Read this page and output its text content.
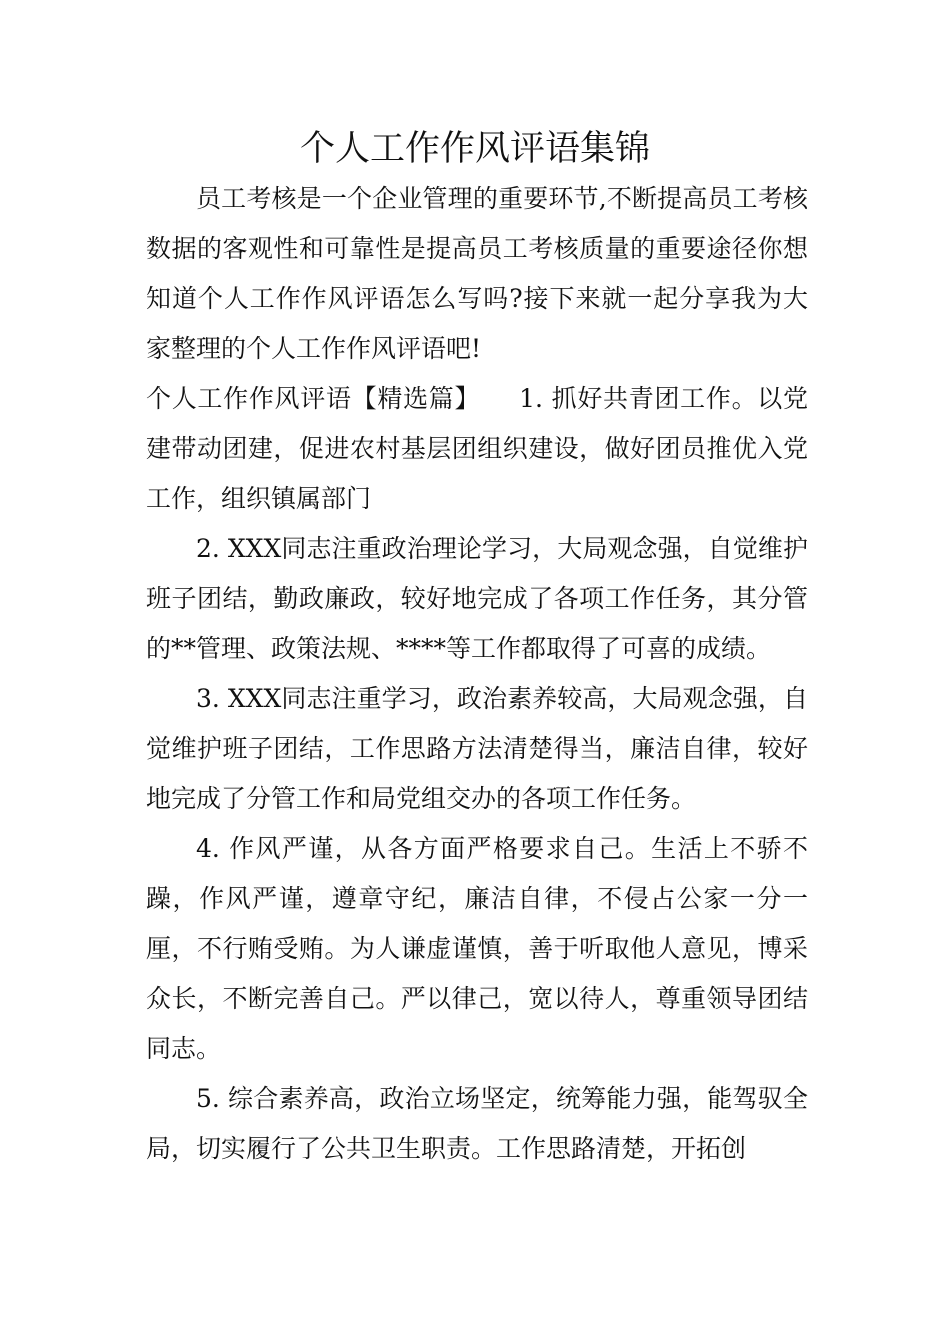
个人工作作风评语集锦

员工考核是一个企业管理的重要环节,不断提高员工考核数据的客观性和可靠性是提高员工考核质量的重要途径你想知道个人工作作风评语怎么写吗?接下来就一起分享我为大家整理的个人工作作风评语吧!

个人工作作风评语【精选篇】　　1. 抓好共青团工作。以党建带动团建，促进农村基层团组织建设，做好团员推优入党工作，组织镇属部门

2. XXX同志注重政治理论学习，大局观念强，自觉维护班子团结，勤政廉政，较好地完成了各项工作任务，其分管的**管理、政策法规、****等工作都取得了可喜的成绩。

3. XXX同志注重学习，政治素养较高，大局观念强，自觉维护班子团结，工作思路方法清楚得当，廉洁自律，较好地完成了分管工作和局党组交办的各项工作任务。

4. 作风严谨，从各方面严格要求自己。生活上不骄不躁，作风严谨，遵章守纪，廉洁自律，不侵占公家一分一厘，不行贿受贿。为人谦虚谨慎，善于听取他人意见，博采众长，不断完善自己。严以律己，宽以待人，尊重领导团结同志。

5. 综合素养高，政治立场坚定，统筹能力强，能驾驭全局，切实履行了公共卫生职责。工作思路清楚，开拓创
